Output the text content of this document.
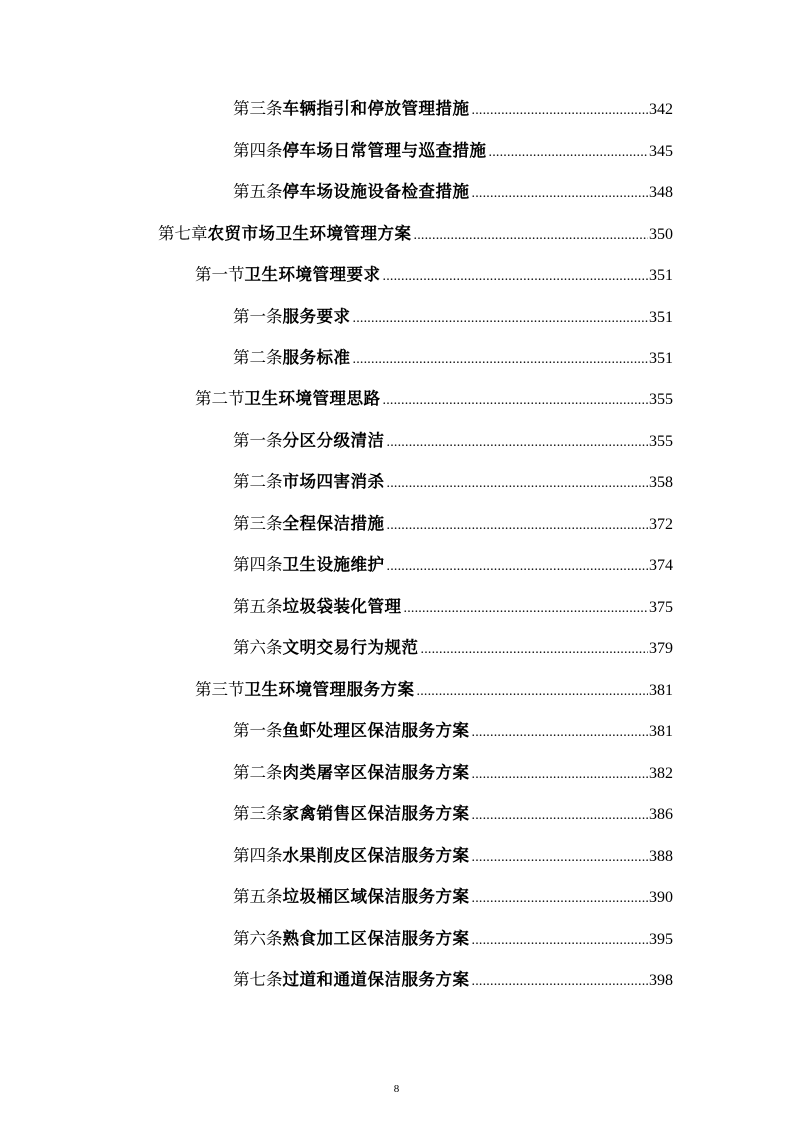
第三条 车辆指引和停放管理措施 .....	342
第四条 停车场日常管理与巡查措施 .....	345
第五条 停车场设施设备检查措施 .....	348
第七章 农贸市场卫生环境管理方案 .....	350
第一节 卫生环境管理要求 .....	351
第一条 服务要求 .....	351
第二条 服务标准 .....	351
第二节 卫生环境管理思路 .....	355
第一条 分区分级清洁 .....	355
第二条 市场四害消杀 .....	358
第三条 全程保洁措施 .....	372
第四条 卫生设施维护 .....	374
第五条 垃圾袋装化管理 .....	375
第六条 文明交易行为规范 .....	379
第三节 卫生环境管理服务方案 .....	381
第一条 鱼虾处理区保洁服务方案 .....	381
第二条 肉类屠宰区保洁服务方案 .....	382
第三条 家禽销售区保洁服务方案 .....	386
第四条 水果削皮区保洁服务方案 .....	388
第五条 垃圾桶区域保洁服务方案 .....	390
第六条 熟食加工区保洁服务方案 .....	395
第七条 过道和通道保洁服务方案 .....	398
8
